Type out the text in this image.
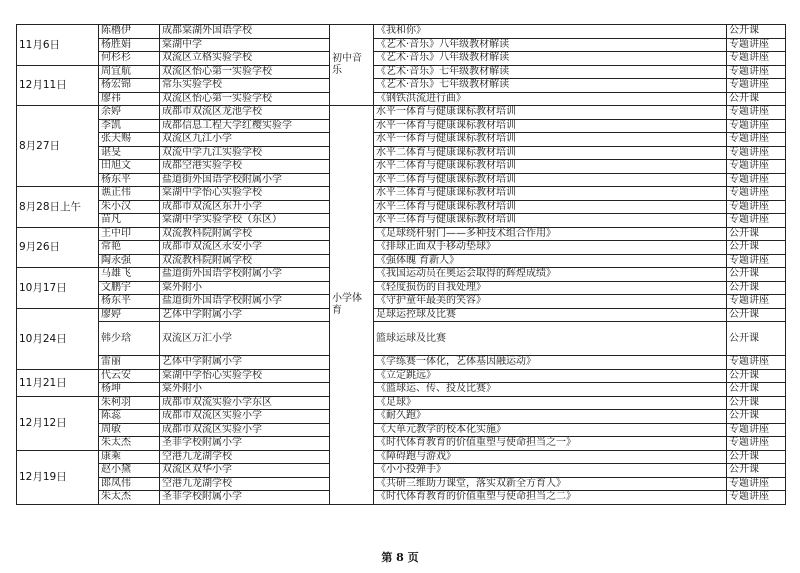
11月6日	陈櫓伊	成都棠湖外国语学校	初中音乐	《我和你》	公开课
	杨胜娟	棠湖中学		《艺术·音乐》八年级教材解读	专题讲座
	何杉杉	双流区立格实验学校		《艺术·音乐》八年级教材解读	专题讲座
12月11日	周宜航	双流区怡心第一实验学校		《艺术·音乐》七年级教材解读	专题讲座
	杨宏锦	常乐实验学校		《艺术·音乐》七年级教材解读	专题讲座
	廖祎	双流区怡心第一实验学校		《钢铁洪流进行曲》	公开课
8月27日	余婷	成都市双流区龙池学校	小学体育	水平一体育与健康课标教材培训	专题讲座
	李凯	成都信息工程大学红樱实验学		水平一体育与健康课标教材培训	专题讲座
	张天赐	双流区九江小学		水平一体育与健康课标教材培训	专题讲座
	谌旻	双流中学九江实验学校		水平二体育与健康课标教材培训	专题讲座
	田旭文	成都空港实验学校		水平二体育与健康课标教材培训	专题讲座
	杨东平	盐道街外国语学校附属小学		水平二体育与健康课标教材培训	专题讲座
8月28日上午	谯正伟	棠湖中学怡心实验学校		水平三体育与健康课标教材培训	专题讲座
	朱小汉	成都市双流区东升小学		水平三体育与健康课标教材培训	专题讲座
	苗凡	棠湖中学实验学校（东区）		水平三体育与健康课标教材培训	专题讲座
9月26日	王中印	双流教科院附属学校		《足球绕杆射门——多种技术组合作用》	公开课
	常艳	成都市双流区永安小学		《排球正面双手移动垫球》	公开课
	陶永强	双流教科院附属学校		《强体魄 育新人》	专题讲座
10月17日	马雄飞	盐道街外国语学校附属小学		《我国运动员在奥运会取得的辉煌成绩》	公开课
	文鹏宇	棠外附小		《轻度损伤的自我处理》	公开课
	杨东平	盐道街外国语学校附属小学		《守护童年最美的笑容》	专题讲座
10月24日	廖婷	艺体中学附属小学		足球运控球及比赛	公开课
	韩少琀	双流区万汇小学		篮球运球及比赛	公开课
	雷丽	艺体中学附属小学		《学练赛一体化，艺体基因融运动》	专题讲座
11月21日	代云安	棠湖中学怡心实验学校		《立定跳远》	公开课
	杨坤	棠外附小		《篮球运、传、投及比赛》	公开课
12月12日	朱柯羽	成都市双流实验小学东区		《足球》	公开课
	陈蕊	成都市双流区实验小学		《耐久跑》	公开课
	周敏	成都市双流区实验小学		《大单元教学的校本化实施》	专题讲座
	朱太杰	圣菲学校附属小学		《时代体育教育的价值重塑与使命担当之一》	专题讲座
12月19日	康乘	空港九龙湖学校		《障碍跑与游戏》	公开课
	赵小黛	双流区双华小学		《小小投弹手》	公开课
	郎凤伟	空港九龙湖学校		《共研三维助力课堂，落实双新全方育人》	专题讲座
	朱太杰	圣菲学校附属小学		《时代体育教育的价值重塑与使命担当之二》	专题讲座
第 8 页
